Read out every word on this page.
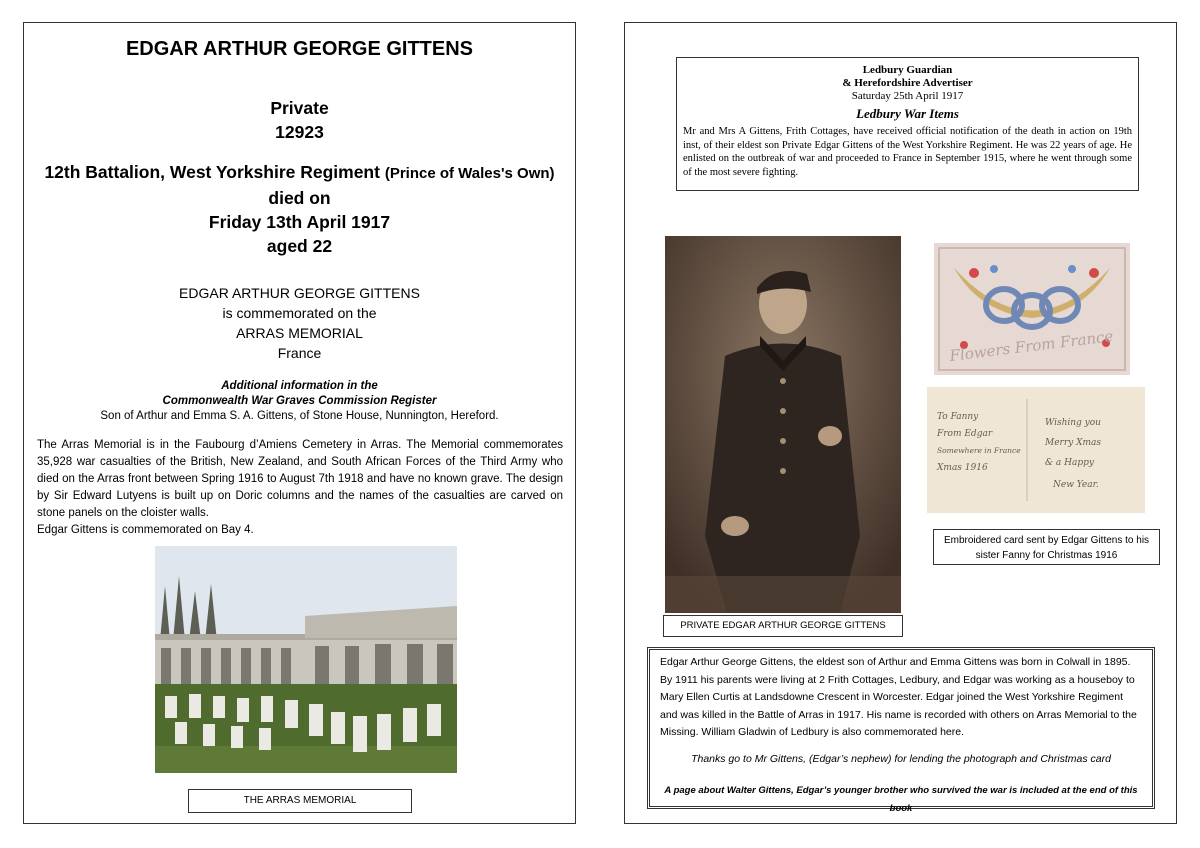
EDGAR ARTHUR GEORGE GITTENS
Private
12923
12th Battalion, West Yorkshire Regiment (Prince of Wales's Own)
died on
Friday 13th April 1917
aged 22
EDGAR ARTHUR GEORGE GITTENS
is commemorated on the
ARRAS MEMORIAL
France
Additional information in the
Commonwealth War Graves Commission Register
Son of Arthur and Emma S. A. Gittens, of Stone House, Nunnington, Hereford.
The Arras Memorial is in the Faubourg d’Amiens Cemetery in Arras. The Memorial commemorates 35,928 war casualties of the British, New Zealand, and South African Forces of the Third Army who died on the Arras front between Spring 1916 to August 7th 1918 and have no known grave. The design by Sir Edward Lutyens is built up on Doric columns and the names of the casualties are carved on stone panels on the cloister walls.
Edgar Gittens is commemorated on Bay 4.
THE ARRAS MEMORIAL
Ledbury Guardian
& Herefordshire Advertiser
Saturday 25th April 1917
Ledbury War Items
Mr and Mrs A Gittens, Frith Cottages, have received official notification of the death in action on 19th inst, of their eldest son Private Edgar Gittens of the West Yorkshire Regiment. He was 22 years of age. He enlisted on the outbreak of war and proceeded to France in September 1915, where he went through some of the most severe fighting.
PRIVATE EDGAR ARTHUR GEORGE GITTENS
Flowers From France
To Fanny
From Edgar
Somewhere in France
Xmas 1916
Wishing you
Merry Xmas
& a Happy
New Year.
Embroidered card sent by Edgar Gittens to his sister Fanny for Christmas 1916
Edgar Arthur George Gittens, the eldest son of Arthur and Emma Gittens was born in Colwall in 1895. By 1911 his parents were living at 2 Frith Cottages, Ledbury, and Edgar was working as a houseboy to Mary Ellen Curtis at Landsdowne Crescent in Worcester. Edgar joined the West Yorkshire Regiment and was killed in the Battle of Arras in 1917. His name is recorded with others on Arras Memorial to the Missing. William Gladwin of Ledbury is also commemorated here.
Thanks go to Mr Gittens, (Edgar’s nephew) for lending the photograph and Christmas card
A page about Walter Gittens, Edgar’s younger brother who survived the war is included at the end of this book
